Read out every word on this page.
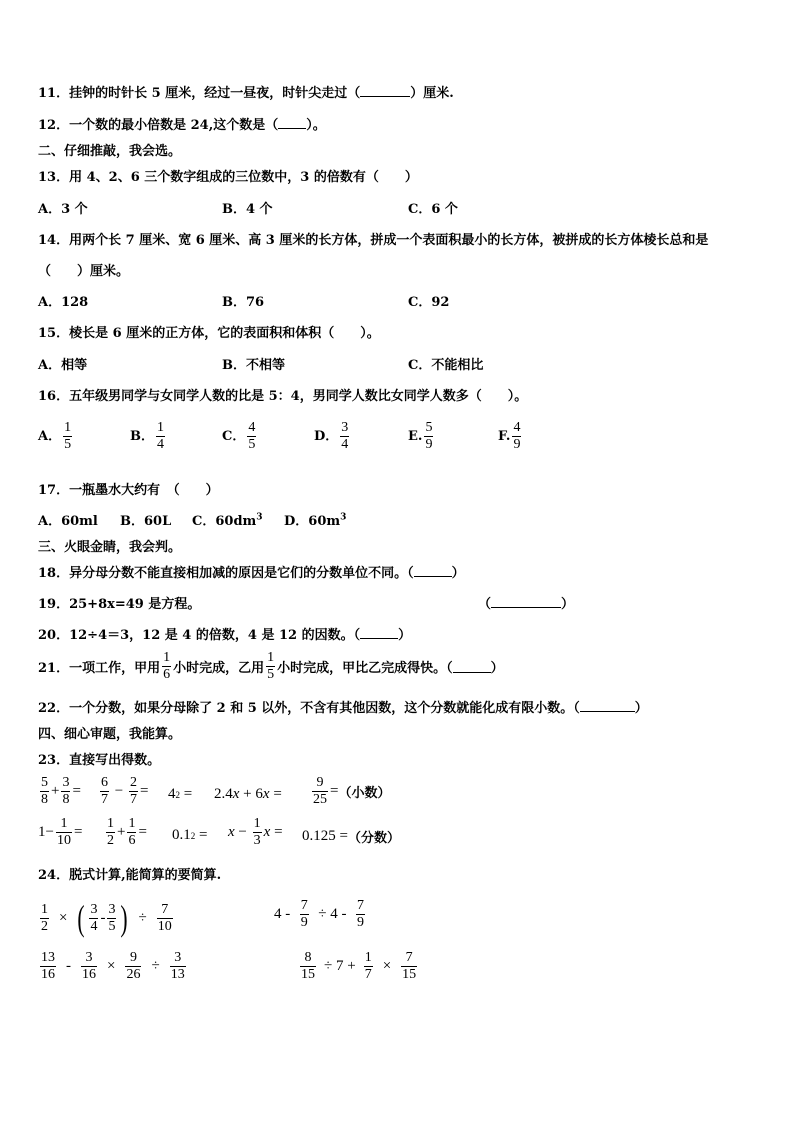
11．挂钟的时针长 5 厘米，经过一昼夜，时针尖走过（	）厘米.
12．一个数的最小倍数是 24,这个数是（ ）。
二、仔细推敲，我会选。
13．用 4、2、6 三个数字组成的三位数中，3 的倍数有（　　）
A．3 个	B．4 个	C．6 个
14．用两个长 7 厘米、宽 6 厘米、高 3 厘米的长方体，拼成一个表面积最小的长方体，被拼成的长方体棱长总和是
（　　）厘米。
A．128	B．76	C．92
15．棱长是 6 厘米的正方体，它的表面积和体积（　　）。
A．相等	B．不相等	C．不能相比
16．五年级男同学与女同学人数的比是 5：4，男同学人数比女同学人数多（　　）。
A． $\frac{1}{5}$	B． $\frac{1}{4}$	C． $\frac{4}{5}$	D． $\frac{3}{4}$	E. $\frac{5}{9}$	F. $\frac{4}{9}$
17．一瓶墨水大约有　（　　）
A．60ml B．60L C．$60dm^3$ D．$60m^3$
三、火眼金睛，我会判。
18．异分母分数不能直接相加减的原因是它们的分数单位不同。（	）
19．25+8x=49 是方程。	（	）
20．12÷4＝3，12 是 4 的倍数，4 是 12 的因数。（	）
21．一项工作，甲用 $\frac{1}{6}$ 小时完成，乙用 $\frac{1}{5}$ 小时完成，甲比乙完成得快。（	）
22．一个分数，如果分母除了 2 和 5 以外，不含有其他因数，这个分数就能化成有限小数。（	）
四、细心审题，我能算。
23．直接写出得数。
$\frac{5}{8} + \frac{3}{8} = \frac{6}{7} - \frac{2}{7} = 4$ 2 = 2.4 x + 6 $x = \frac{9}{25}$ = （小数）
$1- \frac{1}{10} = \frac{1}{2} + \frac{1}{6} = 0.1$ $2 = x - \frac{1}{3}$ x = 0.125 = （分数）
24．脱式计算,能简算的要简算.
$\frac{1}{2}$ × ( $\frac{3}{4} - \frac{3}{5}$ ) ÷ $\frac{7}{10}$	$4 - \frac{7}{9} \div 4 - \frac{7}{9}$
$\frac{13}{16} - \frac{3}{16} \times \frac{9}{26} \div \frac{3}{13}$	$\frac{8}{15} \div 7 + \frac{1}{7} \times \frac{7}{15}$
